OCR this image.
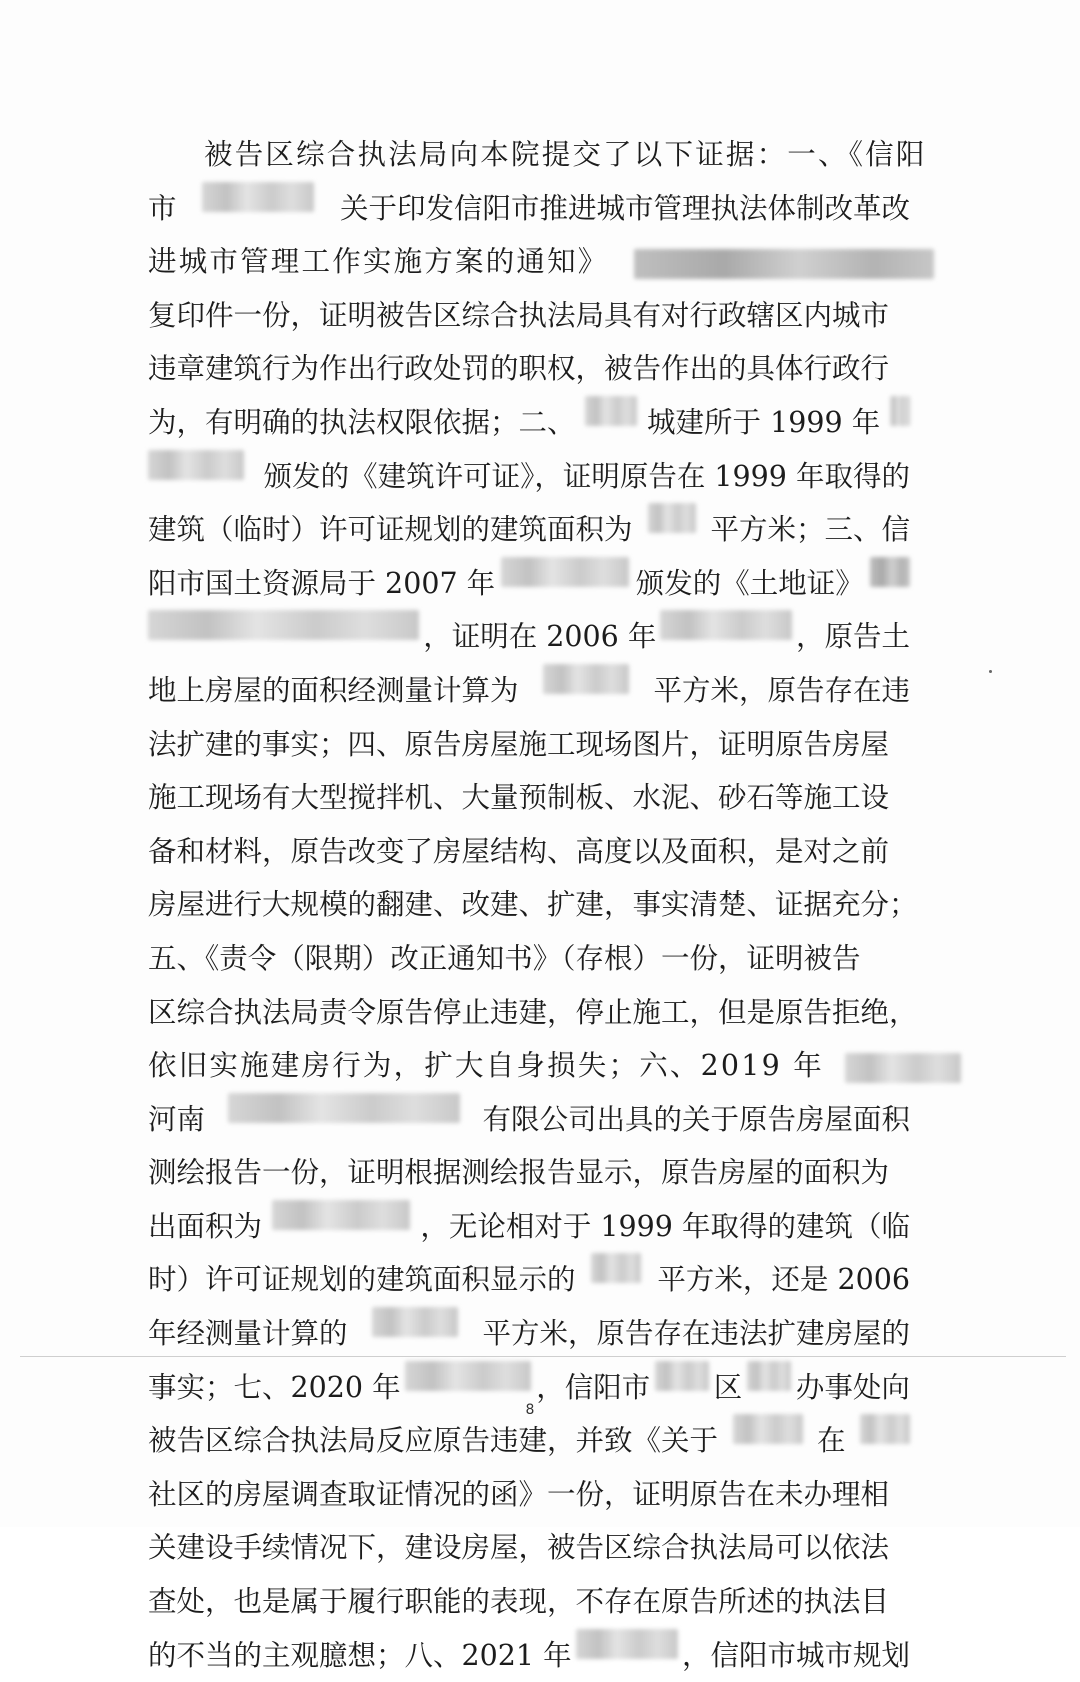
被告区综合执法局向本院提交了以下证据：一、《信阳
市	关于印发信阳市推进城市管理执法体制改革改
进城市管理工作实施方案的通知》
复印件一份，证明被告区综合执法局具有对行政辖区内城市
违章建筑行为作出行政处罚的职权，被告作出的具体行政行
为，有明确的执法权限依据；二、	城建所于 1999 年
颁发的《建筑许可证》，证明原告在 1999 年取得的
建筑（临时）许可证规划的建筑面积为	平方米；三、信
阳市国土资源局于 2007 年	颁发的《土地证》
，证明在 2006 年	，原告土
地上房屋的面积经测量计算为	平方米，原告存在违
法扩建的事实；四、原告房屋施工现场图片，证明原告房屋
施工现场有大型搅拌机、大量预制板、水泥、砂石等施工设
备和材料，原告改变了房屋结构、高度以及面积，是对之前
房屋进行大规模的翻建、改建、扩建，事实清楚、证据充分；
五、《责令（限期）改正通知书》（存根）一份，证明被告
区综合执法局责令原告停止违建，停止施工，但是原告拒绝，
依旧实施建房行为，扩大自身损失；六、2019 年
河南	有限公司出具的关于原告房屋面积
测绘报告一份，证明根据测绘报告显示，原告房屋的面积为
出面积为	，无论相对于 1999 年取得的建筑（临
时）许可证规划的建筑面积显示的	平方米，还是 2006
年经测量计算的	平方米，原告存在违法扩建房屋的
事实；七、2020 年	，信阳市 区 办事处向
被告区综合执法局反应原告违建，并致《关于	在
社区的房屋调查取证情况的函》一份，证明原告在未办理相
关建设手续情况下，建设房屋，被告区综合执法局可以依法
查处，也是属于履行职能的表现，不存在原告所述的执法目
的不当的主观臆想；八、2021 年	，信阳市城市规划
8
